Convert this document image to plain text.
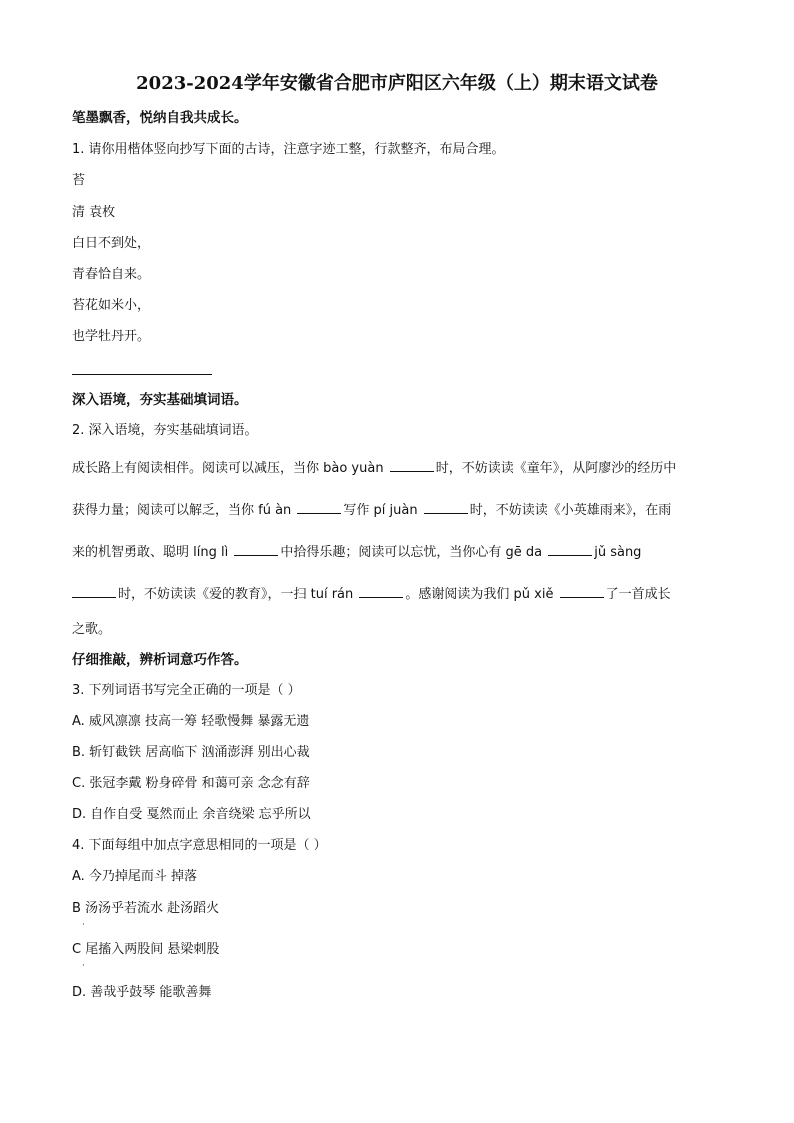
2023-2024学年安徽省合肥市庐阳区六年级（上）期末语文试卷
笔墨飘香，悦纳自我共成长。
1. 请你用楷体竖向抄写下面的古诗，注意字迹工整，行款整齐，布局合理。
苔
清 袁枚
白日不到处，
青春恰自来。
苔花如米小，
也学牡丹开。
深入语境，夯实基础填词语。
2. 深入语境，夯实基础填词语。
成长路上有阅读相伴。阅读可以减压，当你 bào yuàn	时，不妨读读《童年》，从阿廖沙的经历中
获得力量；阅读可以解乏，当你 fú àn	写作 pí juàn	时，不妨读读《小英雄雨来》，在雨
来的机智勇敢、聪明 líng lì	中拾得乐趣；阅读可以忘忧，当你心有 gē da	jǔ sàng
时，不妨读读《爱的教育》，一扫 tuí rán	。感谢阅读为我们 pǔ xiě	了一首成长
之歌。
仔细推敲，辨析词意巧作答。
3. 下列词语书写完全正确的一项是（ ）
A. 威风凛凛 技高一筹 轻歌慢舞 暴露无遗
B. 斩钉截铁 居高临下 汹涌澎湃 别出心裁
C. 张冠李戴 粉身碎骨 和蔼可亲 念念有辞
D. 自作自受 戛然而止 余音绕梁 忘乎所以
4. 下面每组中加点字意思相同的一项是（ ）
A. 今乃掉尾而斗 掉落
B 汤汤乎若流水 赴汤蹈火
·
C 尾搐入两股间 悬梁刺股
·
D. 善哉乎鼓琴 能歌善舞
